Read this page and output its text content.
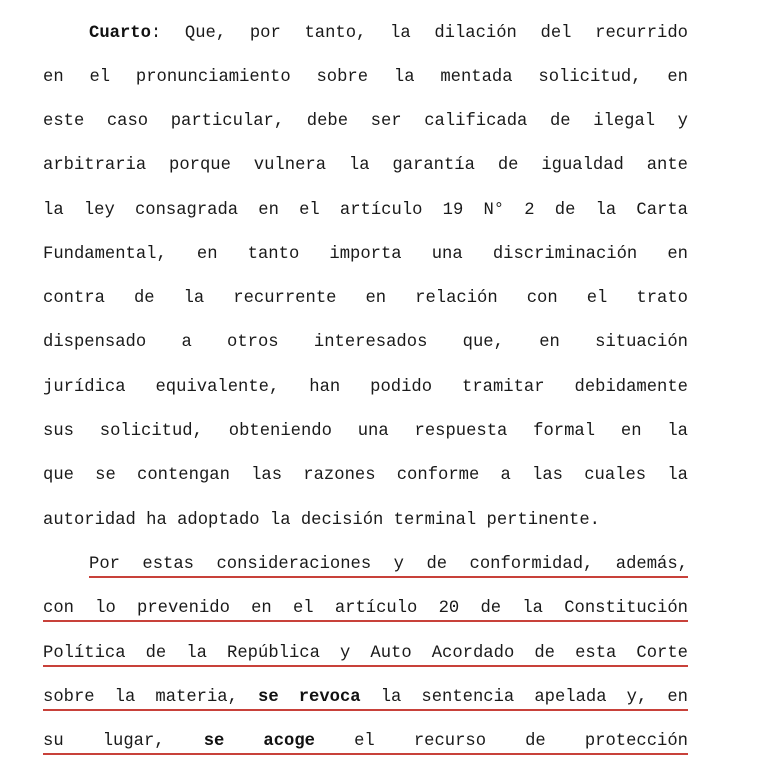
Cuarto: Que, por tanto, la dilación del recurrido
en el pronunciamiento sobre la mentada solicitud, en
este caso particular, debe ser calificada de ilegal y
arbitraria porque vulnera la garantía de igualdad ante
la ley consagrada en el artículo 19 N° 2 de la Carta
Fundamental, en tanto importa una discriminación en
contra de la recurrente en relación con el trato
dispensado a otros interesados que, en situación
jurídica equivalente, han podido tramitar debidamente
sus solicitud, obteniendo una respuesta formal en la
que se contengan las razones conforme a las cuales la
autoridad ha adoptado la decisión terminal pertinente.
Por estas consideraciones y de conformidad, además,
con lo prevenido en el artículo 20 de la Constitución
Política de la República y Auto Acordado de esta Corte
sobre la materia, se revoca la sentencia apelada y, en
su lugar, se acoge el recurso de protección
